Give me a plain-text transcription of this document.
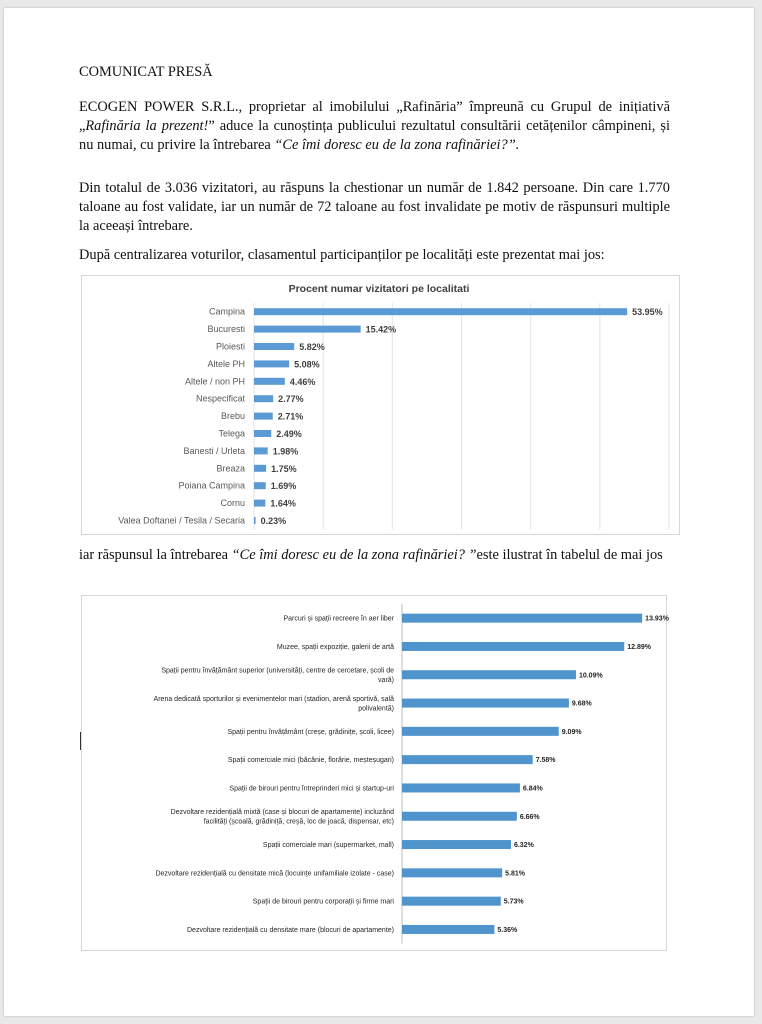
COMUNICAT PRESĂ
ECOGEN POWER S.R.L., proprietar al imobilului „Rafinăria” împreună cu Grupul de inițiativă „Rafinăria la prezent!” aduce la cunoștința publicului rezultatul consultării cetățenilor câmpineni, și nu numai, cu privire la întrebarea “Ce îmi doresc eu de la zona rafinăriei?”.
Din totalul de 3.036 vizitatori, au răspuns la chestionar un număr de 1.842 persoane. Din care 1.770 taloane au fost validate, iar un număr de 72 taloane au fost invalidate pe motiv de răspunsuri multiple la aceeași întrebare.
După centralizarea voturilor, clasamentul participanților pe localități este prezentat mai jos:
Procent numar vizitatori pe localitati
Campina	53.95%
Bucuresti	15.42%
Ploiesti	5.82%
Altele PH	5.08%
Altele / non PH	4.46%
Nespecificat	2.77%
Brebu	2.71%
Telega	2.49%
Banesti / Urleta	1.98%
Breaza	1.75%
Poiana Campina	1.69%
Cornu	1.64%
Valea Doftanei / Tesila / Secaria 0.23%
iar răspunsul la întrebarea “Ce îmi doresc eu de la zona rafinăriei? ”este ilustrat în tabelul de mai jos
Parcuri și spații recreere în aer liber	13.93%
Muzee, spații expoziție, galerii de artă	12.89%
Spații pentru învățământ superior (universități, centre de cercetare, școli de
vară)
10.09%
Arena dedicată sporturilor și evenimentelor mari (stadion, arenă sportivă, sală
polivalentă)
9.68%
Spații pentru învățământ (creșe, grădinițe, școli, licee)	9.09%
Spații comerciale mici (băcănie, florărie, meșteșugari)	7.58%
Spații de birouri pentru întreprinderi mici și startup-uri	6.84%
Dezvoltare rezidențială mixtă (case și blocuri de apartamente) incluzând
facilități (școală, grădiniță, creșă, loc de joacă, dispensar, etc)
6.66%
Spații comerciale mari (supermarket, mall)	6.32%
Dezvoltare rezidențială cu densitate mică (locuințe unifamiliale izolate - case)	5.81%
Spații de birouri pentru corporații și firme mari	5.73%
Dezvoltare rezidențială cu densitate mare (blocuri de apartamente)	5.36%
